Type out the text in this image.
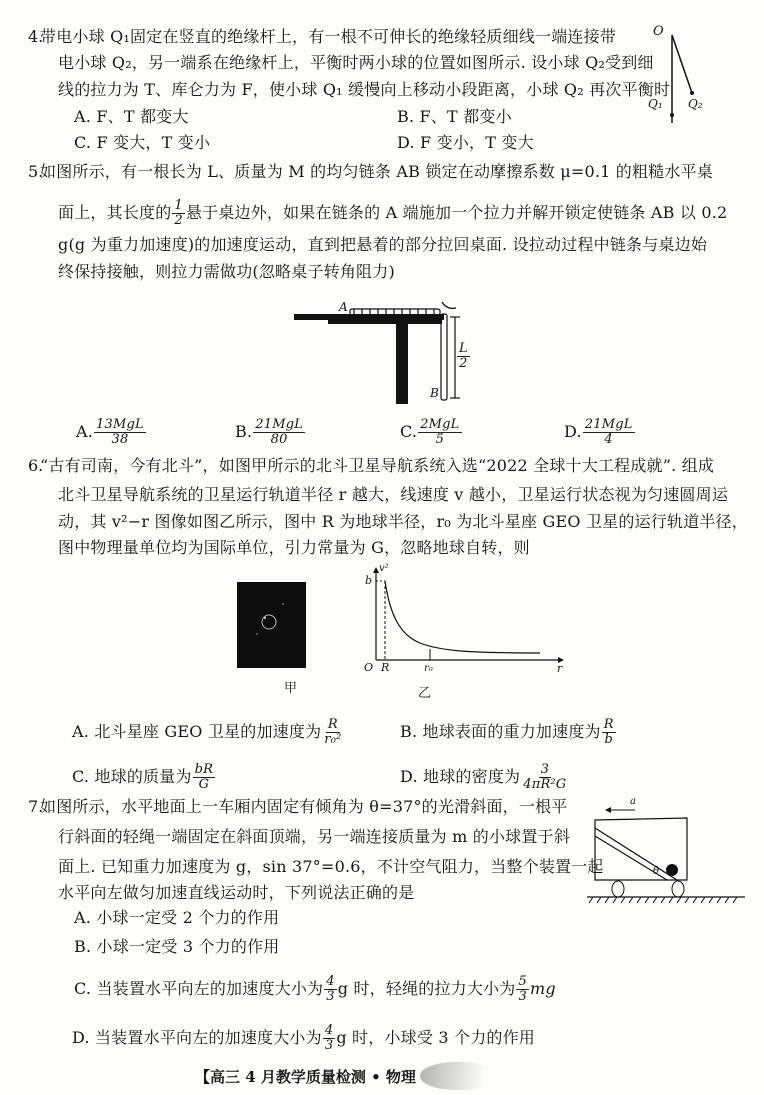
4.
带电小球 Q₁固定在竖直的绝缘杆上，有一根不可伸长的绝缘轻质细线一端连接带
电小球 Q₂，另一端系在绝缘杆上，平衡时两小球的位置如图所示. 设小球 Q₂受到细
线的拉力为 T、库仑力为 F，使小球 Q₁ 缓慢向上移动小段距离，小球 Q₂ 再次平衡时
A. F、T 都变大	B. F、T 都变小
C. F 变大，T 变小	D. F 变小，T 变大
O
Q₁ Q₂
5.
如图所示，有一根长为 L、质量为 M 的均匀链条 AB 锁定在动摩擦系数 μ=0.1 的粗糙水平桌
面上，其长度的 $\frac{1}{2}$ 悬于桌边外，如果在链条的 A 端施加一个拉力并解开锁定使链条 AB 以 0.2
g(g 为重力加速度)的加速度运动，直到把悬着的部分拉回桌面. 设拉动过程中链条与桌边始
终保持接触，则拉力需做功(忽略桌子转角阻力)
A
B
$\frac{L}{2}$
A. $\frac{\text{13MgL}}{38}$	B. $\frac{\text{21MgL}}{80}$	C. $\frac{\text{2MgL}}{5}$	D. $\frac{\text{21MgL}}{4}$
6.
“古有司南，今有北斗”，如图甲所示的北斗卫星导航系统入选“2022 全球十大工程成就”. 组成
北斗卫星导航系统的卫星运行轨道半径 r 越大，线速度 v 越小，卫星运行状态视为匀速圆周运
动，其 v²−r 图像如图乙所示，图中 R 为地球半径，r₀ 为北斗星座 GEO 卫星的运行轨道半径，
图中物理量单位均为国际单位，引力常量为 G，忽略地球自转，则
v²
b
O R	r₀	r
甲	乙
A. 北斗星座 GEO 卫星的加速度为 $\frac{R}{\text{r₀²}}$	B. 地球表面的重力加速度为 $\frac{R}{b}$
C. 地球的质量为 $\frac{bR}{G}$	D. 地球的密度为 $\frac{3}{\text{4πR²G}}$
7.
如图所示，水平地面上一车厢内固定有倾角为 θ=37°的光滑斜面，一根平
行斜面的轻绳一端固定在斜面顶端，另一端连接质量为 m 的小球置于斜
面上. 已知重力加速度为 g，sin 37°=0.6，不计空气阻力，当整个装置一起
水平向左做匀加速直线运动时，下列说法正确的是
a
θ
A. 小球一定受 2 个力的作用
B. 小球一定受 3 个力的作用
C. 当装置水平向左的加速度大小为 $\frac{4}{3}$ g 时，轻绳的拉力大小为 $\frac{5}{3}$ mg
D. 当装置水平向左的加速度大小为 $\frac{4}{3}$ g 时，小球受 3 个力的作用
【高三 4 月教学质量检测 • 物理
